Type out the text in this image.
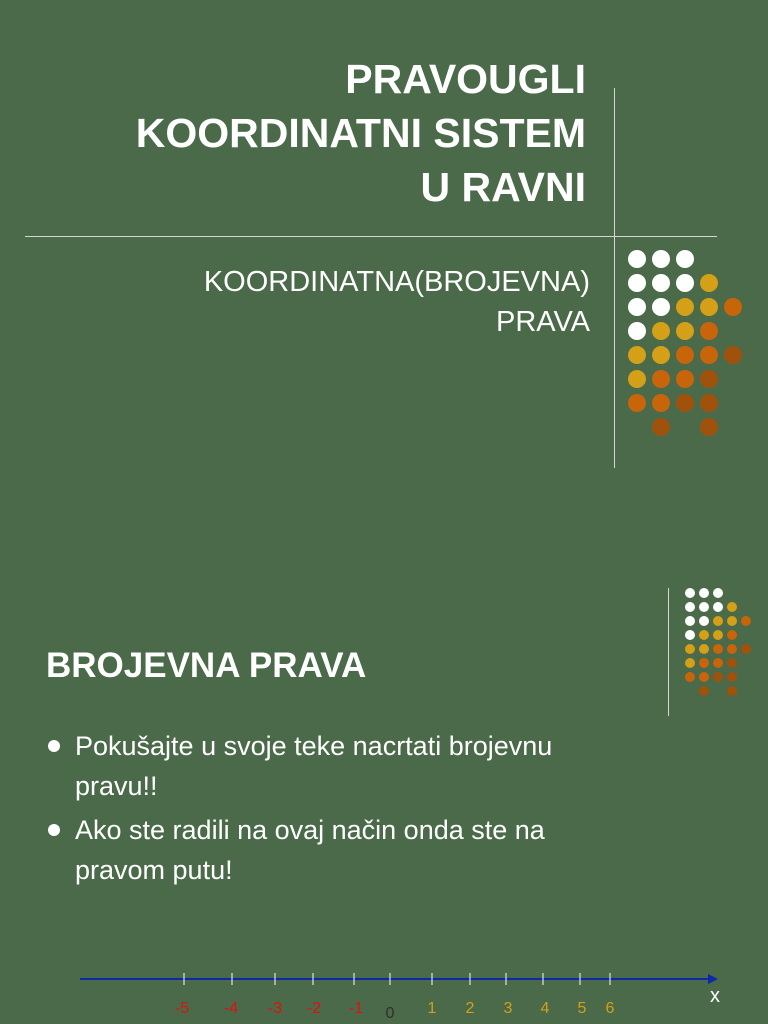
PRAVOUGLI
KOORDINATNI SISTEM
U RAVNI
KOORDINATNA(BROJEVNA)
PRAVA
BROJEVNA PRAVA
Pokušajte u svoje teke nacrtati brojevnu
pravu!!
Ako ste radili na ovaj način onda ste na
pravom putu!
-5 -4 -3 -2 -1 0 1 2 3 4 5 6
x
